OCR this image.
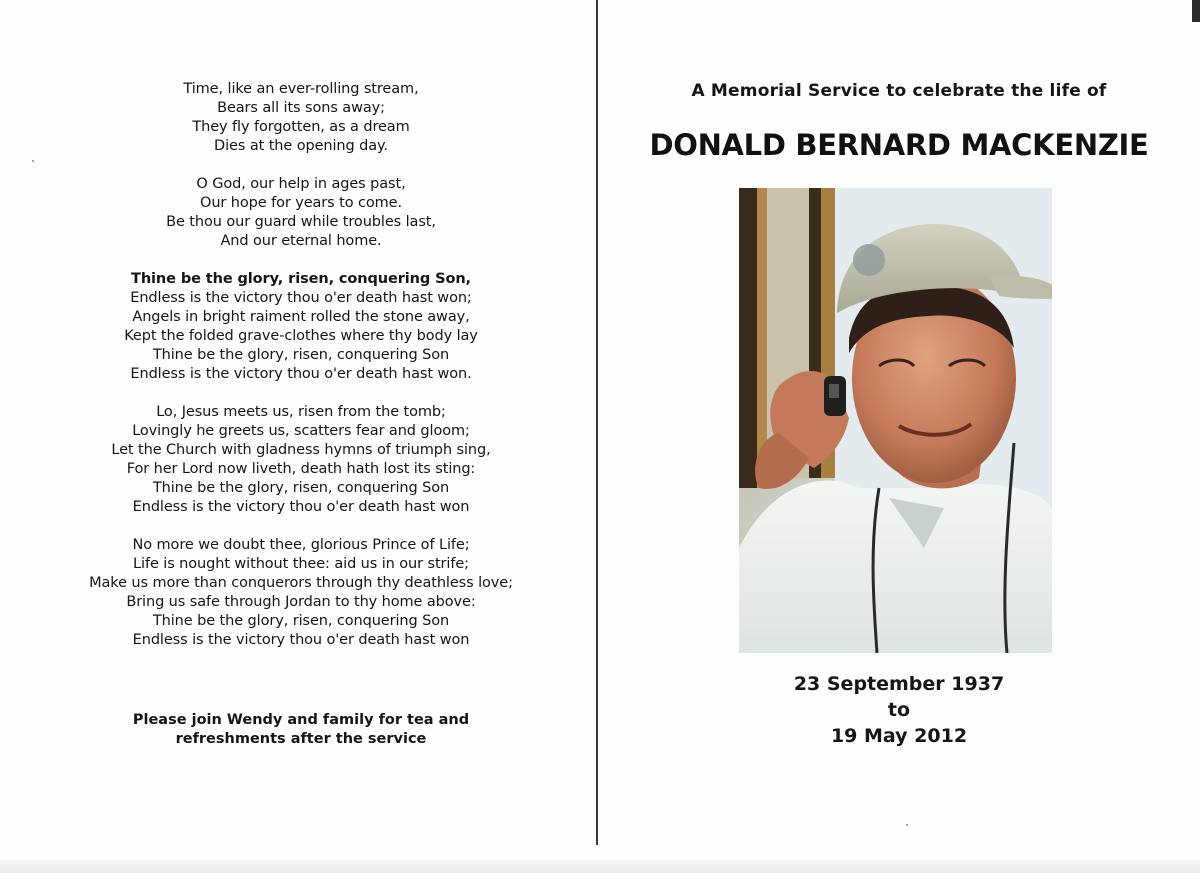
Time, like an ever-rolling stream,
Bears all its sons away;
They fly forgotten, as a dream
Dies at the opening day.
O God, our help in ages past,
Our hope for years to come.
Be thou our guard while troubles last,
And our eternal home.
Thine be the glory, risen, conquering Son,
Endless is the victory thou o'er death hast won;
Angels in bright raiment rolled the stone away,
Kept the folded grave-clothes where thy body lay
Thine be the glory, risen, conquering Son
Endless is the victory thou o'er death hast won.
Lo, Jesus meets us, risen from the tomb;
Lovingly he greets us, scatters fear and gloom;
Let the Church with gladness hymns of triumph sing,
For her Lord now liveth, death hath lost its sting:
Thine be the glory, risen, conquering Son
Endless is the victory thou o'er death hast won
No more we doubt thee, glorious Prince of Life;
Life is nought without thee: aid us in our strife;
Make us more than conquerors through thy deathless love;
Bring us safe through Jordan to thy home above:
Thine be the glory, risen, conquering Son
Endless is the victory thou o'er death hast won
Please join Wendy and family for tea and
refreshments after the service
A Memorial Service to celebrate the life of
DONALD BERNARD MACKENZIE
23 September 1937
to
19 May 2012
